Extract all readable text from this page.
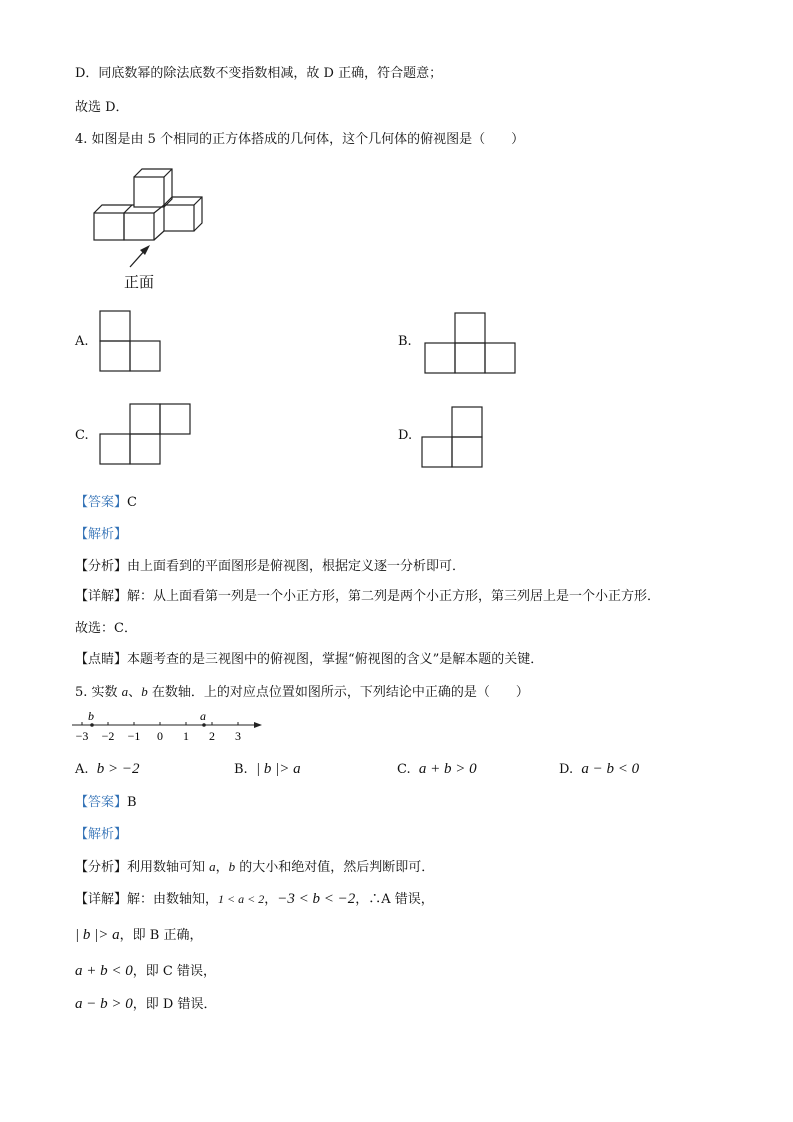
D．同底数幂的除法底数不变指数相减，故 D 正确，符合题意；
故选 D．
4. 如图是由 5 个相同的正方体搭成的几何体，这个几何体的俯视图是（　　）
正面
A.	B.
C.	D.
【答案】C
【解析】
【分析】由上面看到的平面图形是俯视图，根据定义逐一分析即可．
【详解】解：从上面看第一列是一个小正方形，第二列是两个小正方形，第三列居上是一个小正方形．
故选：C．
【点睛】本题考查的是三视图中的俯视图，掌握“俯视图的含义”是解本题的关键．
5. 实数 a、b 在数轴．上的对应点位置如图所示，下列结论中正确的是（　　）
b	a
−3 −2 −1 0 1 2 3
A. b > −2	B. | b |> a	C. a + b > 0	D. a − b < 0
【答案】B
【解析】
【分析】利用数轴可知 a，b 的大小和绝对值，然后判断即可．
【详解】解：由数轴知，1 < a < 2，−3 < b < −2，∴A 错误，
| b |> a，即 B 正确，
a + b < 0，即 C 错误，
a − b > 0，即 D 错误．
